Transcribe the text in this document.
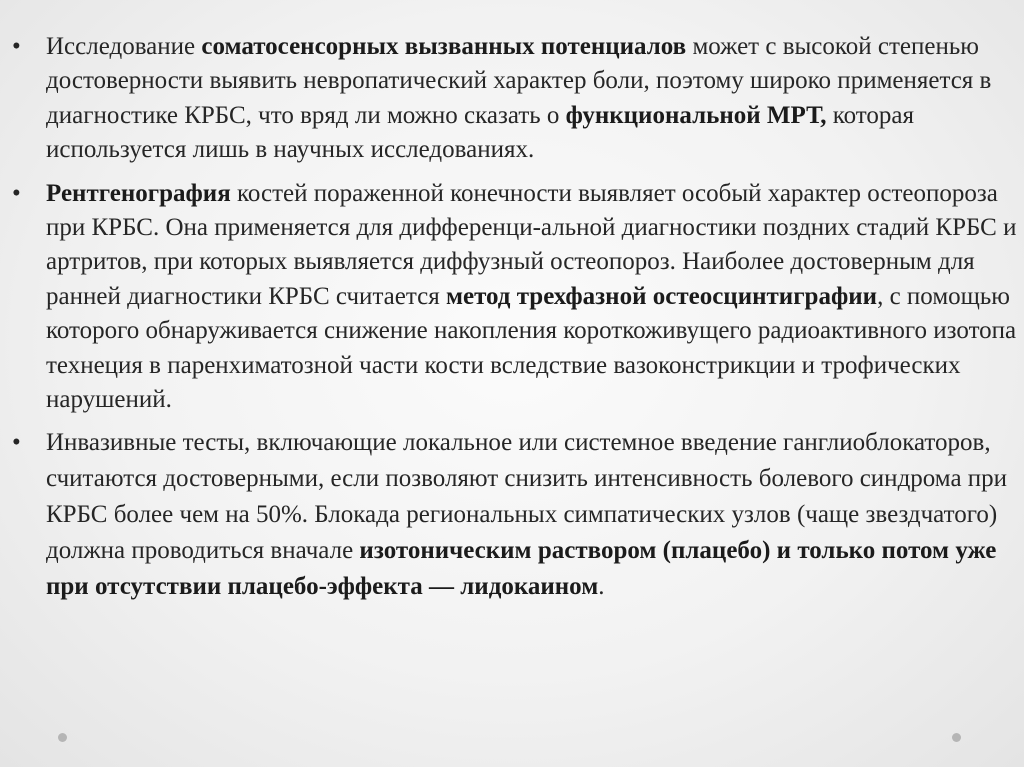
•
Исследование соматосенсорных вызванных потенциалов может с высокой степенью достоверности выявить невропатический характер боли, поэтому широко применяется в диагностике КРБС, что вряд ли можно сказать о функциональной МРТ, которая используется лишь в научных исследованиях.
•
Рентгенография костей пораженной конечности выявляет особый характер остеопороза при КРБС. Она применяется для дифференци-альной диагностики поздних стадий КРБС и артритов, при которых выявляется диффузный остеопороз. Наиболее достоверным для ранней диагностики КРБС считается метод трехфазной остеосцинтиграфии, с помощью которого обнаруживается снижение накопления короткоживущего радиоактивного изотопа технеция в паренхиматозной части кости вследствие вазоконстрикции и трофических нарушений.
•
Инвазивные тесты, включающие локальное или системное введение ганглиоблокаторов, считаются достоверными, если позволяют снизить интенсивность болевого синдрома при КРБС более чем на 50%. Блокада региональных симпатических узлов (чаще звездчатого) должна проводиться вначале изотоническим раствором (плацебо) и только потом уже при отсутствии плацебо-эффекта — лидокаином.
